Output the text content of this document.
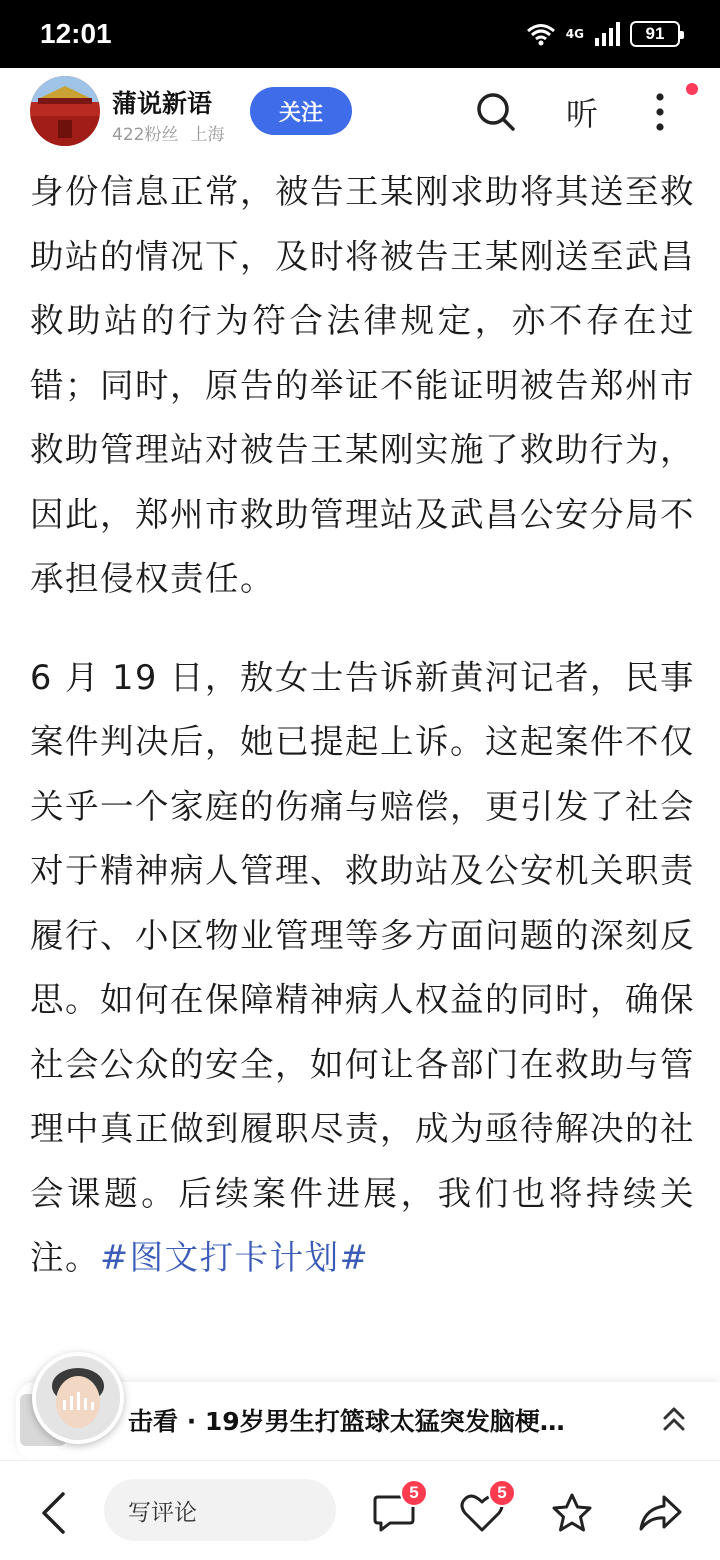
12:01	4G	91
蒲说新语
422粉丝 上海
关注	听

身份信息正常，被告王某刚求助将其送至救助站的情况下，及时将被告王某刚送至武昌救助站的行为符合法律规定，亦不存在过错；同时，原告的举证不能证明被告郑州市救助管理站对被告王某刚实施了救助行为，因此，郑州市救助管理站及武昌公安分局不承担侵权责任。

6 月 19 日，敖女士告诉新黄河记者，民事案件判决后，她已提起上诉。这起案件不仅关乎一个家庭的伤痛与赔偿，更引发了社会对于精神病人管理、救助站及公安机关职责履行、小区物业管理等多方面问题的深刻反思。如何在保障精神病人权益的同时，确保社会公众的安全，如何让各部门在救助与管理中真正做到履职尽责，成为亟待解决的社会课题。后续案件进展，我们也将持续关注。#图文打卡计划#

击看 · 19岁男生打篮球太猛突发脑梗…
写评论
5	5
